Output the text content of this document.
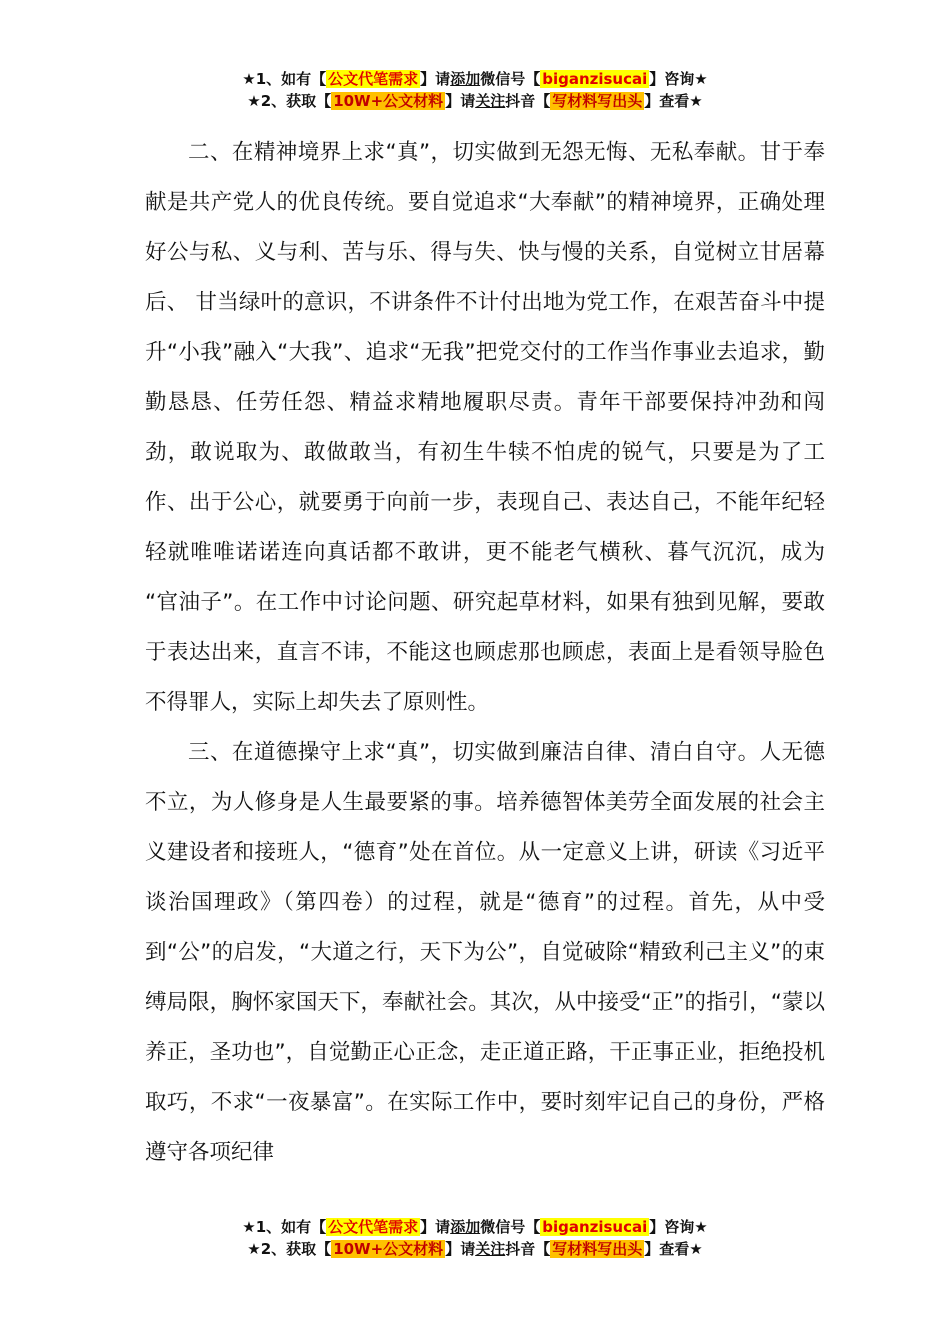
★1、如有【 公文代笔需求 】请添加微信号【 biganzisucai 】咨询★
★2、获取【 10W+公文材料 】请关注抖音【 写材料写出头 】查看★

二、在精神境界上求“真”，切实做到无怨无悔、无私奉献。甘于奉献是共产党人的优良传统。要自觉追求“大奉献”的精神境界，正确处理好公与私、义与利、苦与乐、得与失、快与慢的关系，自觉树立甘居幕后、 甘当绿叶的意识，不讲条件不计付出地为党工作，在艰苦奋斗中提升“小我”融入“大我”、追求“无我”把党交付的工作当作事业去追求，勤勤恳恳、任劳任怨、精益求精地履职尽责。青年干部要保持冲劲和闯劲，敢说取为、敢做敢当，有初生牛犊不怕虎的锐气，只要是为了工作、出于公心，就要勇于向前一步，表现自己、表达自己，不能年纪轻轻就唯唯诺诺连向真话都不敢讲，更不能老气横秋、暮气沉沉，成为 “官油子”。在工作中讨论问题、研究起草材料，如果有独到见解，要敢于表达出来，直言不讳，不能这也顾虑那也顾虑，表面上是看领导脸色不得罪人，实际上却失去了原则性。

三、在道德操守上求“真”，切实做到廉洁自律、清白自守。人无德不立，为人修身是人生最要紧的事。培养德智体美劳全面发展的社会主义建设者和接班人，“德育”处在首位。从一定意义上讲，研读《习近平谈治国理政》（第四卷）的过程，就是“德育”的过程。首先，从中受到“公”的启发，“大道之行，天下为公”，自觉破除“精致利己主义”的束缚局限，胸怀家国天下，奉献社会。其次，从中接受“正”的指引，“蒙以养正，圣功也”，自觉勤正心正念，走正道正路，干正事正业，拒绝投机取巧，不求“一夜暴富”。在实际工作中，要时刻牢记自己的身份，严格遵守各项纪律

★1、如有【 公文代笔需求 】请添加微信号【 biganzisucai 】咨询★
★2、获取【 10W+公文材料 】请关注抖音【 写材料写出头 】查看★
